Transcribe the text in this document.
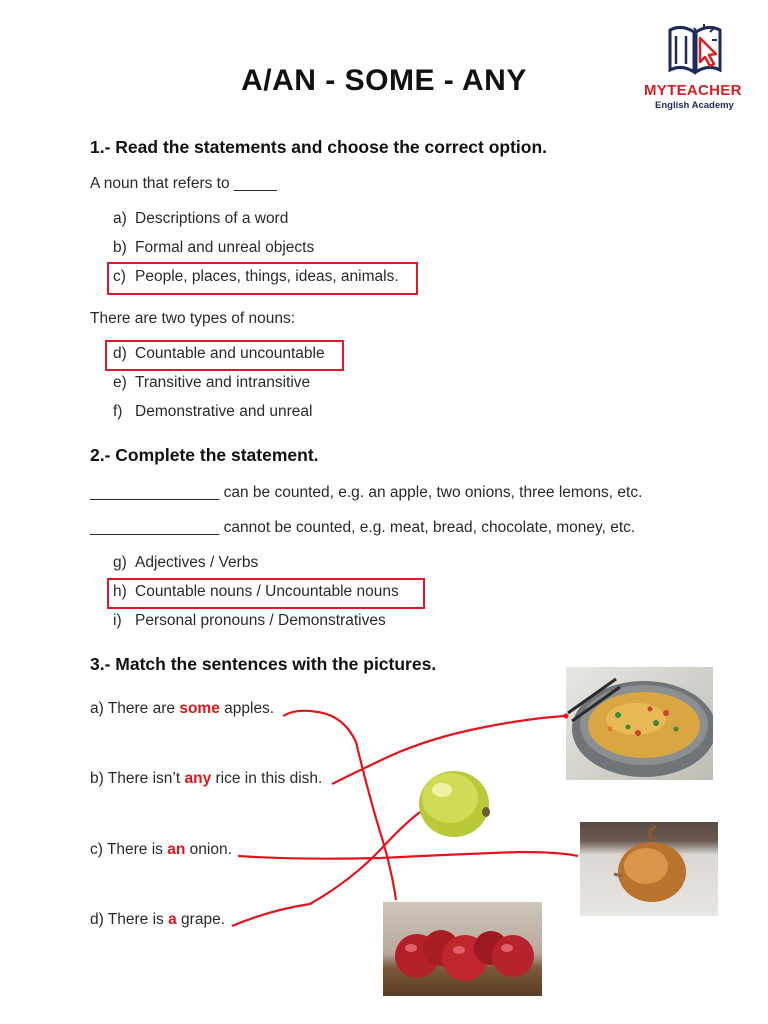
MYTEACHER
English Academy
A/AN - SOME - ANY
1.- Read the statements and choose the correct option.
A noun that refers to _____
a) Descriptions of a word
b) Formal and unreal objects
c) People, places, things, ideas, animals.
There are two types of nouns:
d) Countable and uncountable
e) Transitive and intransitive
f) Demonstrative and unreal
2.- Complete the statement.
_______________ can be counted, e.g. an apple, two onions, three lemons, etc.
_______________ cannot be counted, e.g. meat, bread, chocolate, money, etc.
g) Adjectives / Verbs
h) Countable nouns / Uncountable nouns
i) Personal pronouns / Demonstratives
3.- Match the sentences with the pictures.
a) There are some apples.
b) There isn’t any rice in this dish.
c) There is an onion.
d) There is a grape.
